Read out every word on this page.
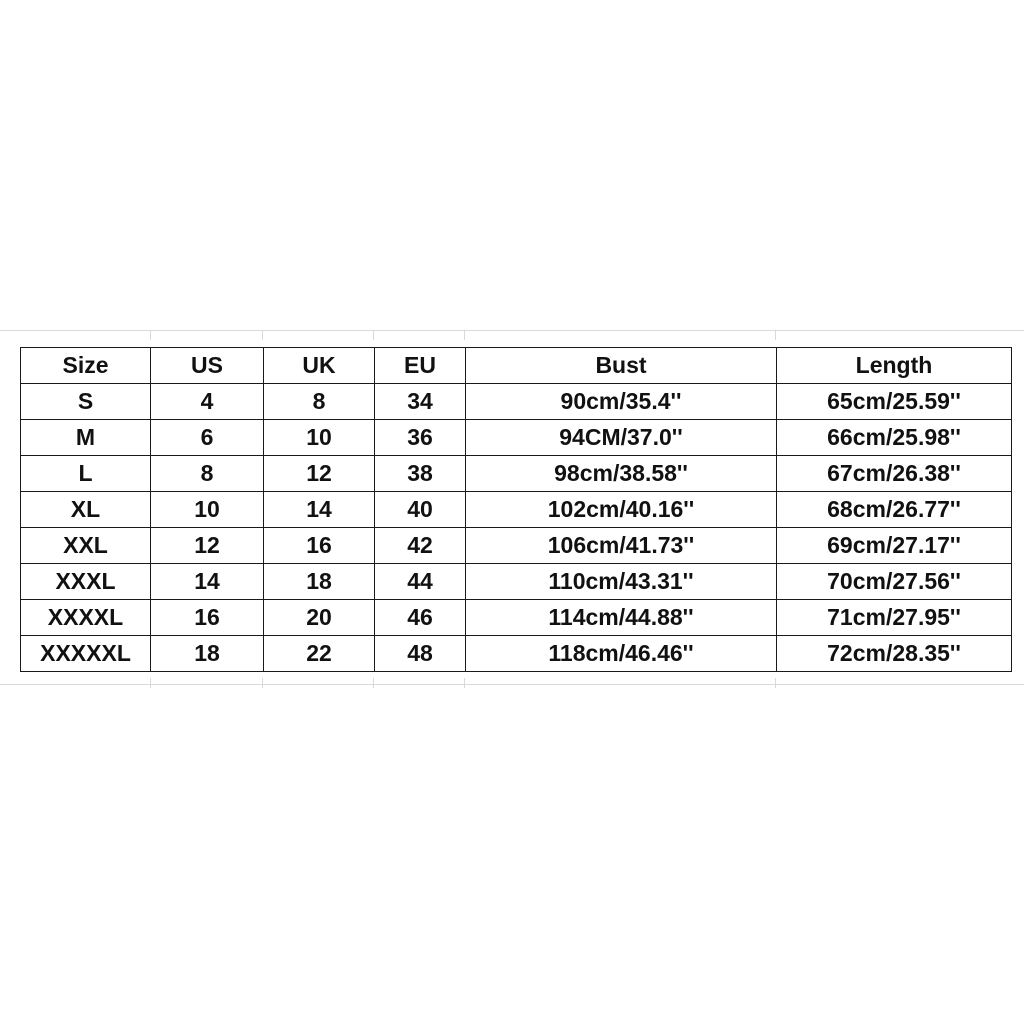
Size	US	UK	EU	Bust	Length
S	4	8	34	90cm/35.4''	65cm/25.59''
M	6	10	36	94CM/37.0''	66cm/25.98''
L	8	12	38	98cm/38.58''	67cm/26.38''
XL	10	14	40	102cm/40.16''	68cm/26.77''
XXL	12	16	42	106cm/41.73''	69cm/27.17''
XXXL	14	18	44	110cm/43.31''	70cm/27.56''
XXXXL	16	20	46	114cm/44.88''	71cm/27.95''
XXXXXL	18	22	48	118cm/46.46''	72cm/28.35''
